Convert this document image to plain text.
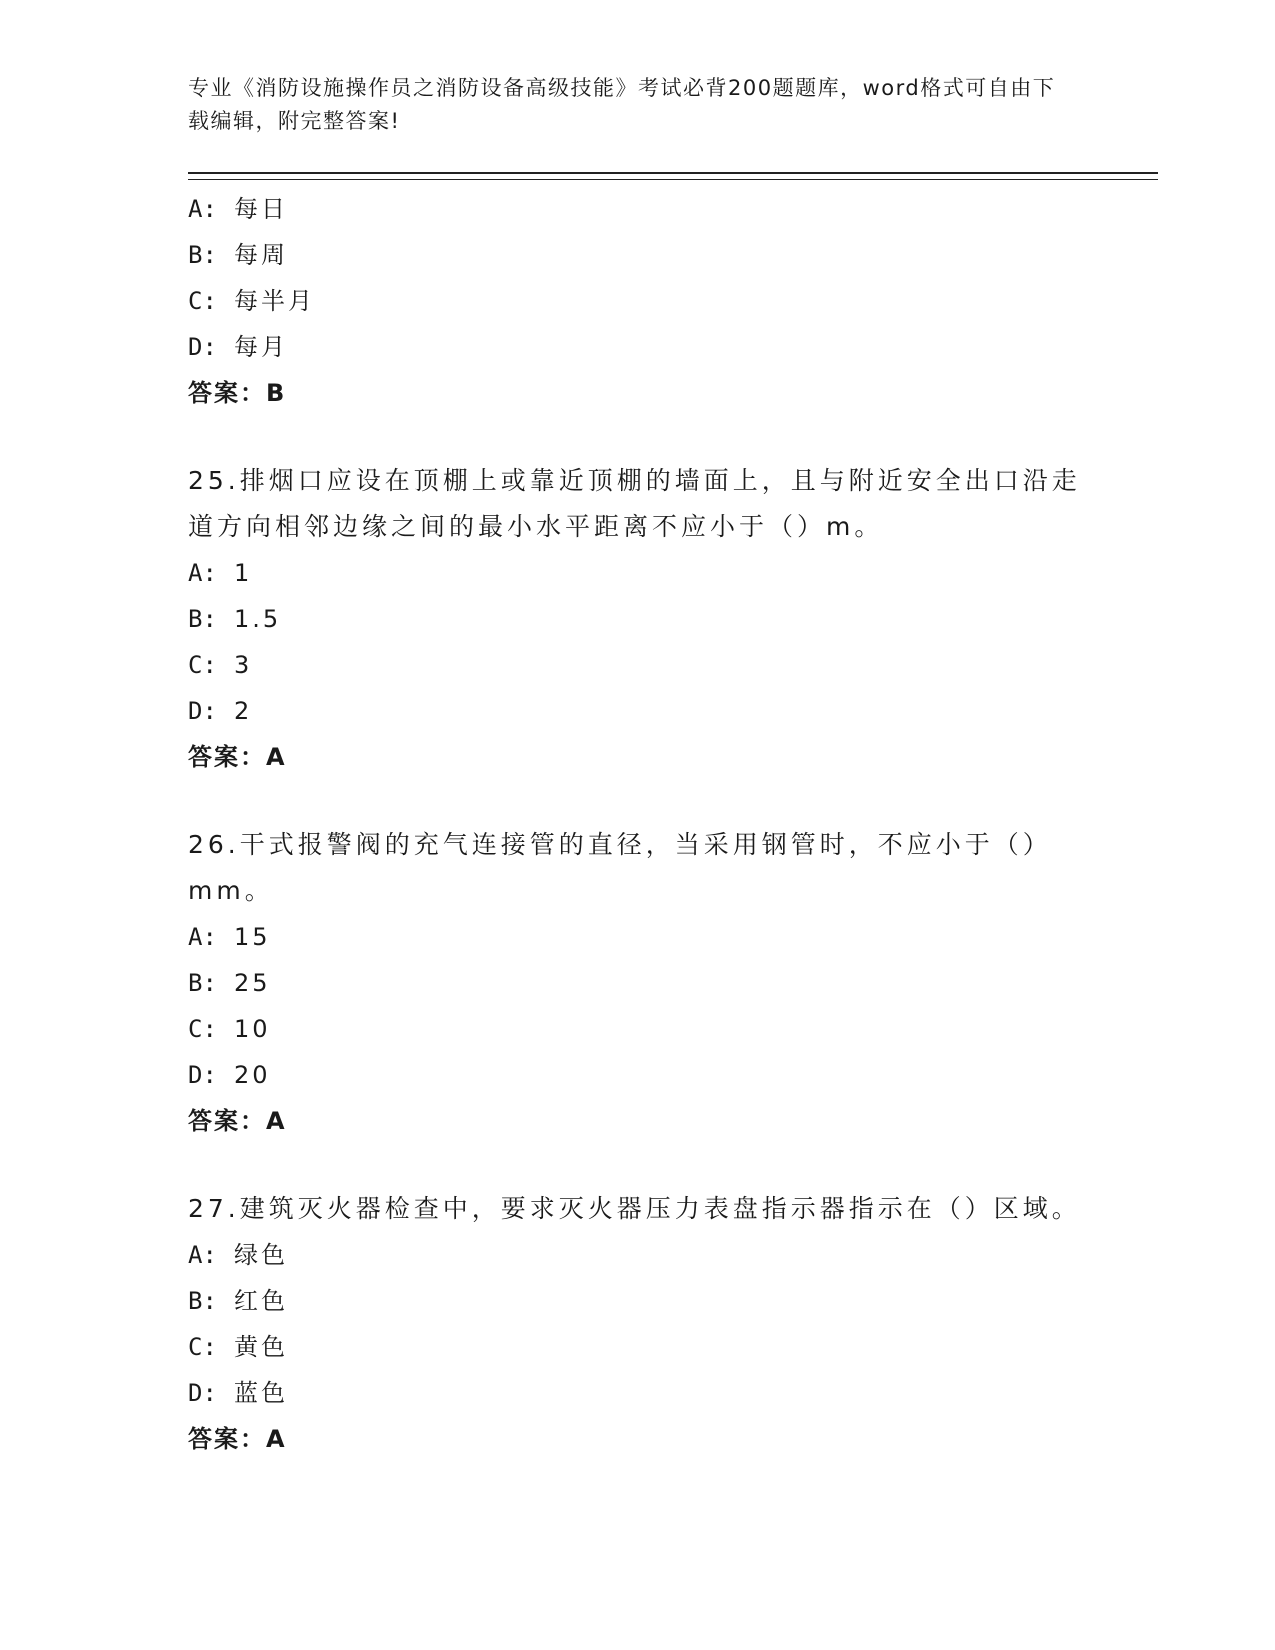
专业《消防设施操作员之消防设备高级技能》考试必背200题题库，word格式可自由下载编辑，附完整答案!
A: 每日
B: 每周
C: 每半月
D: 每月
答案：B
25.排烟口应设在顶棚上或靠近顶棚的墙面上，且与附近安全出口沿走道方向相邻边缘之间的最小水平距离不应小于（）m。
A: 1
B: 1.5
C: 3
D: 2
答案：A
26.干式报警阀的充气连接管的直径，当采用钢管时，不应小于（）mm。
A: 15
B: 25
C: 10
D: 20
答案：A
27.建筑灭火器检查中，要求灭火器压力表盘指示器指示在（）区域。
A: 绿色
B: 红色
C: 黄色
D: 蓝色
答案：A
